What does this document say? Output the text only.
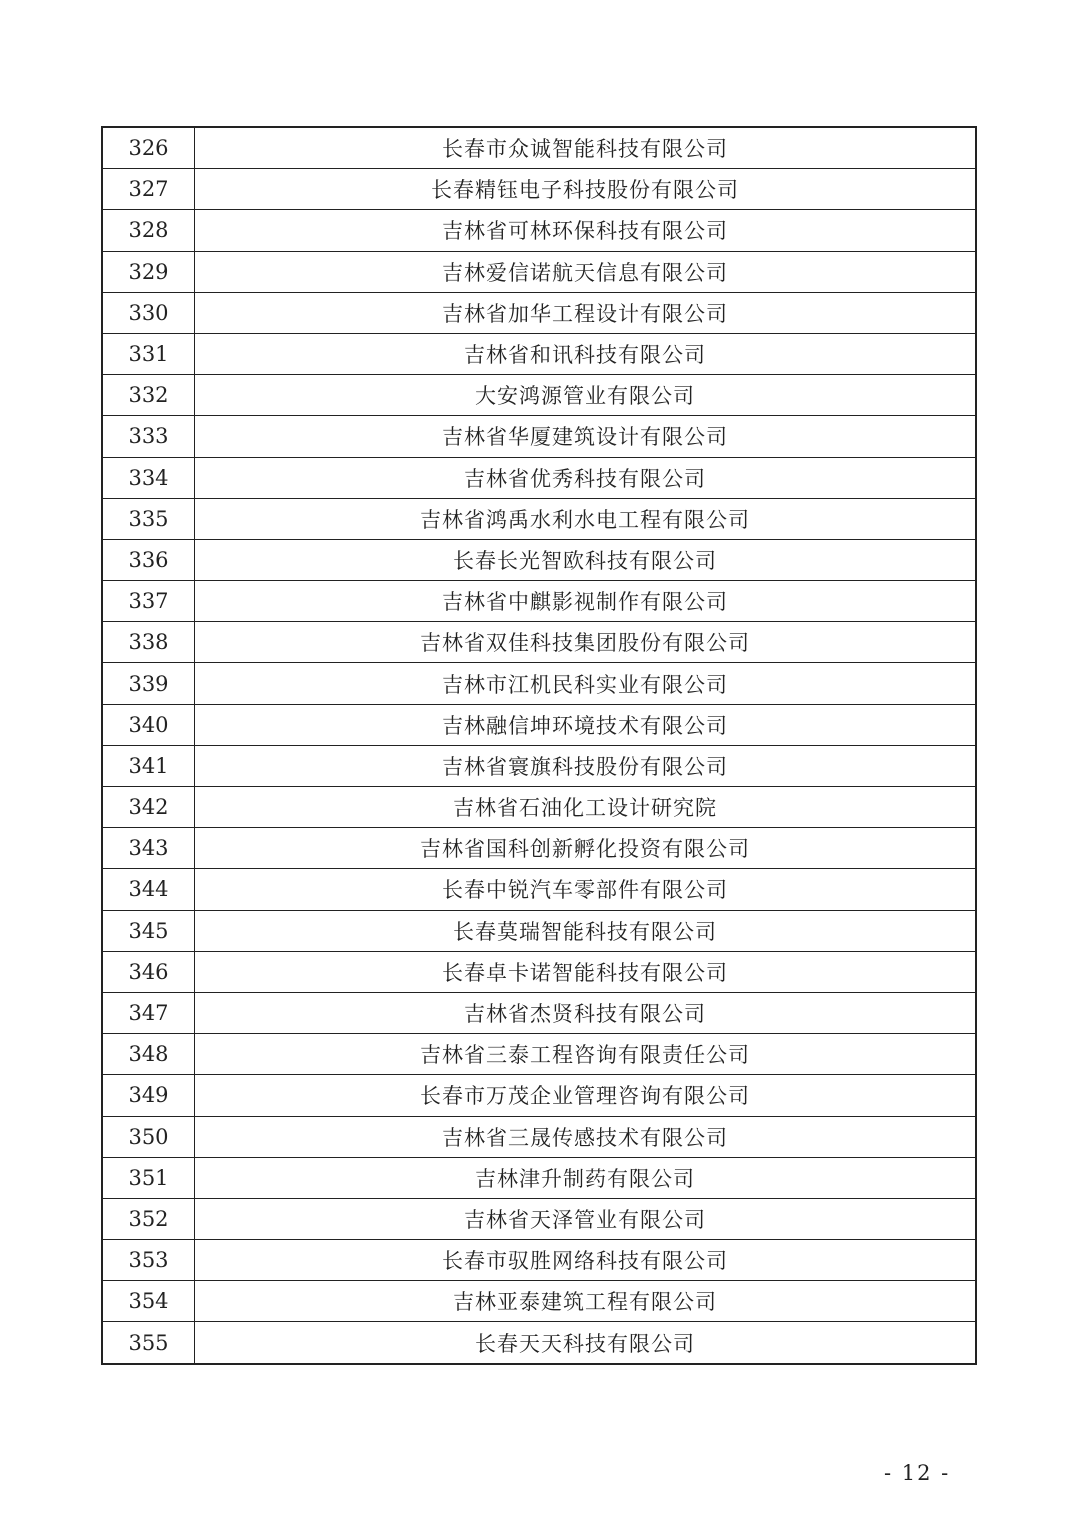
326	长春市众诚智能科技有限公司
327	长春精钰电子科技股份有限公司
328	吉林省可林环保科技有限公司
329	吉林爱信诺航天信息有限公司
330	吉林省加华工程设计有限公司
331	吉林省和讯科技有限公司
332	大安鸿源管业有限公司
333	吉林省华厦建筑设计有限公司
334	吉林省优秀科技有限公司
335	吉林省鸿禹水利水电工程有限公司
336	长春长光智欧科技有限公司
337	吉林省中麒影视制作有限公司
338	吉林省双佳科技集团股份有限公司
339	吉林市江机民科实业有限公司
340	吉林融信坤环境技术有限公司
341	吉林省寰旗科技股份有限公司
342	吉林省石油化工设计研究院
343	吉林省国科创新孵化投资有限公司
344	长春中锐汽车零部件有限公司
345	长春莫瑞智能科技有限公司
346	长春卓卡诺智能科技有限公司
347	吉林省杰贤科技有限公司
348	吉林省三泰工程咨询有限责任公司
349	长春市万茂企业管理咨询有限公司
350	吉林省三晟传感技术有限公司
351	吉林津升制药有限公司
352	吉林省天泽管业有限公司
353	长春市驭胜网络科技有限公司
354	吉林亚泰建筑工程有限公司
355	长春天天科技有限公司
- 12 -
